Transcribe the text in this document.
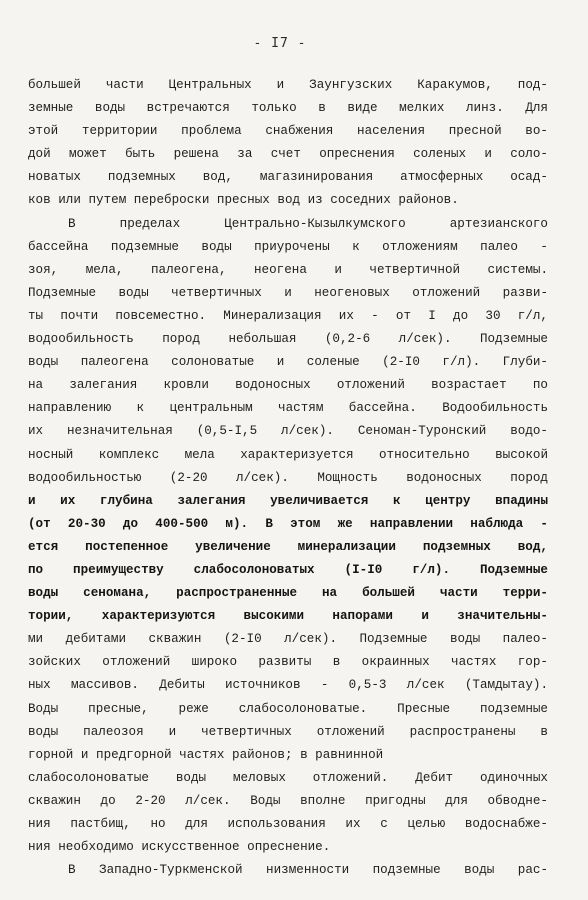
- I7 -
большей части Центральных и Заунгузских Каракумов, под-
земные воды встречаются только в виде мелких линз. Для
этой территории проблема снабжения населения пресной во-
дой может быть решена за счет опреснения соленых и соло-
новатых подземных вод, магазинирования атмосферных осад-
ков или путем переброски пресных вод из соседних районов.
В пределах Центрально-Кызылкумского артезианского
бассейна подземные воды приурочены к отложениям палео -
зоя, мела, палеогена, неогена и четвертичной системы.
Подземные воды четвертичных и неогеновых отложений разви-
ты почти повсеместно. Минерализация их - от I до 30 г/л,
водообильность пород небольшая (0,2-6 л/сек). Подземные
воды палеогена солоноватые и соленые (2-I0 г/л). Глуби-
на залегания кровли водоносных отложений возрастает по
направлению к центральным частям бассейна. Водообильность
их незначительная (0,5-I,5 л/сек). Сеноман-Туронский водо-
носный комплекс мела характеризуется относительно высокой
водообильностью (2-20 л/сек). Мощность водоносных пород
и их глубина залегания увеличивается к центру впадины
(от 20-30 до 400-500 м). В этом же направлении наблюда -
ется постепенное увеличение минерализации подземных вод,
по преимуществу слабосолоноватых (I-I0 г/л). Подземные
воды сеномана, распространенные на большей части терри-
тории, характеризуются высокими напорами и значительны-
ми дебитами скважин (2-I0 л/сек). Подземные воды палео-
зойских отложений широко развиты в окраинных частях гор-
ных массивов. Дебиты источников - 0,5-3 л/сек (Тамдытау).
Воды пресные, реже слабосолоноватые. Пресные подземные
воды палеозоя и четвертичных отложений распространены в
горной и предгорной частях районов; в равнинной
слабосолоноватые воды меловых отложений. Дебит одиночных
скважин до 2-20 л/сек. Воды вполне пригодны для обводне-
ния пастбищ, но для использования их с целью водоснабже-
ния необходимо искусственное опреснение.
В Западно-Туркменской низменности подземные воды рас-
